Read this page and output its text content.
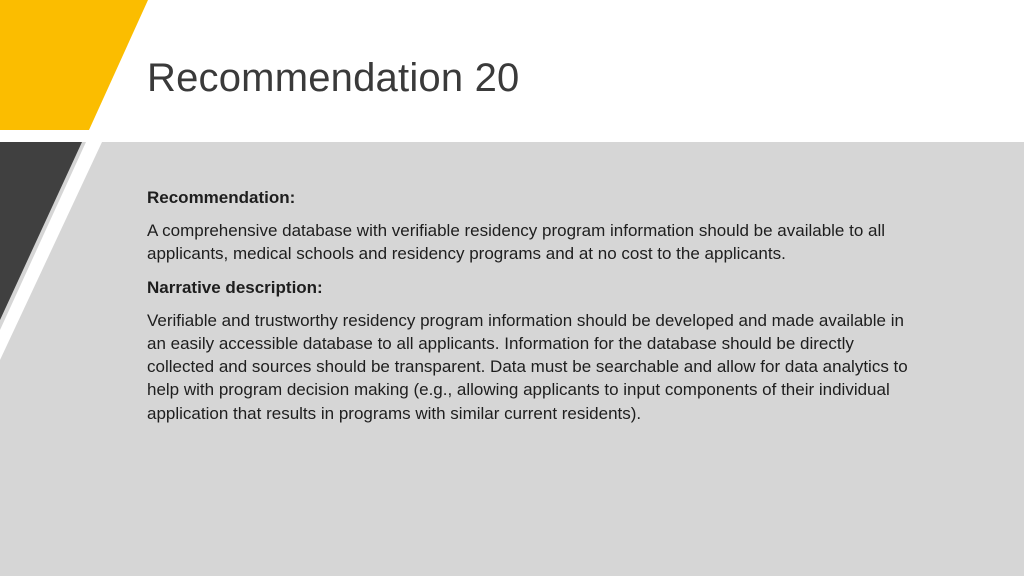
Recommendation 20

Recommendation:

A comprehensive database with verifiable residency program information should be available to all applicants, medical schools and residency programs and at no cost to the applicants.

Narrative description:

Verifiable and trustworthy residency program information should be developed and made available in an easily accessible database to all applicants. Information for the database should be directly collected and sources should be transparent. Data must be searchable and allow for data analytics to help with program decision making (e.g., allowing applicants to input components of their individual application that results in programs with similar current residents).
